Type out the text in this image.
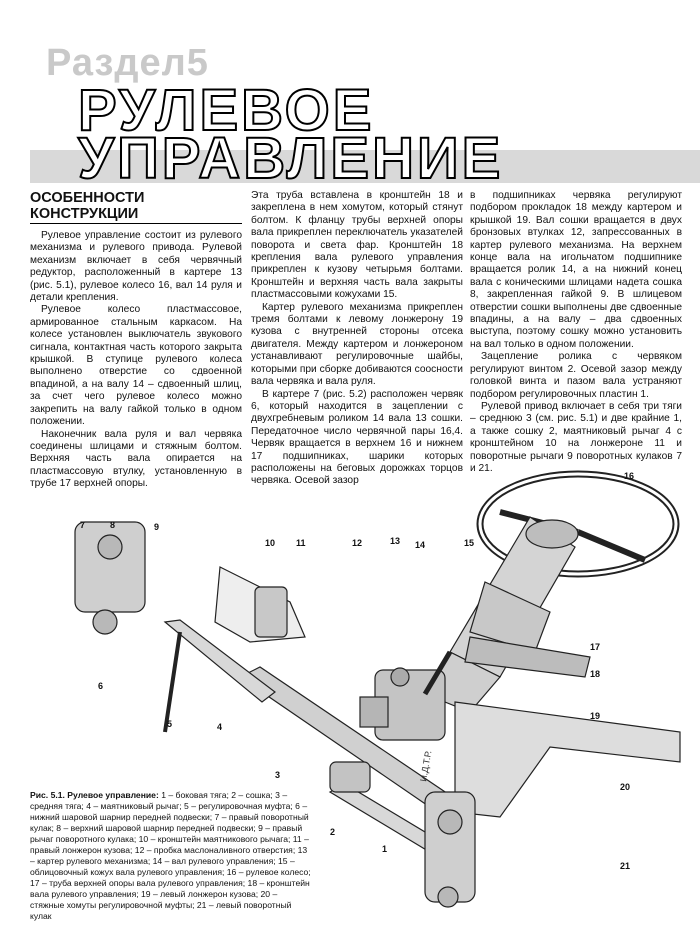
Раздел5
РУЛЕВОЕ
УПРАВЛЕНИЕ
ОСОБЕННОСТИ КОНСТРУКЦИИ

Рулевое управление состоит из рулевого механизма и рулевого привода. Рулевой механизм включает в себя червячный редуктор, расположенный в картере 13 (рис. 5.1), рулевое колесо 16, вал 14 руля и детали крепления.

Рулевое колесо пластмассовое, армированное стальным каркасом. На колесе установлен выключатель звукового сигнала, контактная часть которого закрыта крышкой. В ступице рулевого колеса выполнено отверстие со сдвоенной впадиной, а на валу 14 – сдвоенный шлиц, за счет чего рулевое колесо можно закрепить на валу гайкой только в одном положении.

Наконечник вала руля и вал червяка соединены шлицами и стяжным болтом. Верхняя часть вала опирается на пластмассовую втулку, установленную в трубе 17 верхней опоры.

Эта труба вставлена в кронштейн 18 и закреплена в нем хомутом, который стянут болтом. К фланцу трубы верхней опоры вала прикреплен переключатель указателей поворота и света фар. Кронштейн 18 крепления вала рулевого управления прикреплен к кузову четырьмя болтами. Кронштейн и верхняя часть вала закрыты пластмассовыми кожухами 15.

Картер рулевого механизма прикреплен тремя болтами к левому лонжерону 19 кузова с внутренней стороны отсека двигателя. Между картером и лонжероном устанавливают регулировочные шайбы, которыми при сборке добиваются соосности вала червяка и вала руля.

В картере 7 (рис. 5.2) расположен червяк 6, который находится в зацеплении с двухгребневым роликом 14 вала 13 сошки. Передаточное число червячной пары 16,4. Червяк вращается в верхнем 16 и нижнем 17 подшипниках, шарики которых расположены на беговых дорожках торцов червяка. Осевой зазор

в подшипниках червяка регулируют подбором прокладок 18 между картером и крышкой 19. Вал сошки вращается в двух бронзовых втулках 12, запрессованных в картер рулевого механизма. На верхнем конце вала на игольчатом подшипнике вращается ролик 14, а на нижний конец вала с коническими шлицами надета сошка 8, закрепленная гайкой 9. В шлицевом отверстии сошки выполнены две сдвоенные впадины, а на валу – два сдвоенных выступа, поэтому сошку можно установить на вал только в одном положении.

Зацепление ролика с червяком регулируют винтом 2. Осевой зазор между головкой винта и пазом вала устраняют подбором регулировочных пластин 1.

Рулевой привод включает в себя три тяги – среднюю 3 (см. рис. 5.1) и две крайние 1, а также сошку 2, маятниковый рычаг 4 с кронштейном 10 на лонжероне 11 и поворотные рычаги 9 поворотных кулаков 7 и 21.

И.Д.Т.Р.
1
2
3
4
5
6
7	8	9
10 11	12	13 14	15
16
17
18
19
20
21
Рис. 5.1. Рулевое управление: 1 – боковая тяга; 2 – сошка; 3 – средняя тяга; 4 – маятниковый рычаг; 5 – регулировочная муфта; 6 – нижний шаровой шарнир передней подвески; 7 – правый поворотный кулак; 8 – верхний шаровой шарнир передней подвески; 9 – правый рычаг поворотного кулака; 10 – кронштейн маятникового рычага; 11 – правый лонжерон кузова; 12 – пробка маслоналивного отверстия; 13 – картер рулевого механизма; 14 – вал рулевого управления; 15 – облицовочный кожух вала рулевого управления; 16 – рулевое колесо; 17 – труба верхней опоры вала рулевого управления; 18 – кронштейн вала рулевого управления; 19 – левый лонжерон кузова; 20 – стяжные хомуты регулировочной муфты; 21 – левый поворотный кулак
